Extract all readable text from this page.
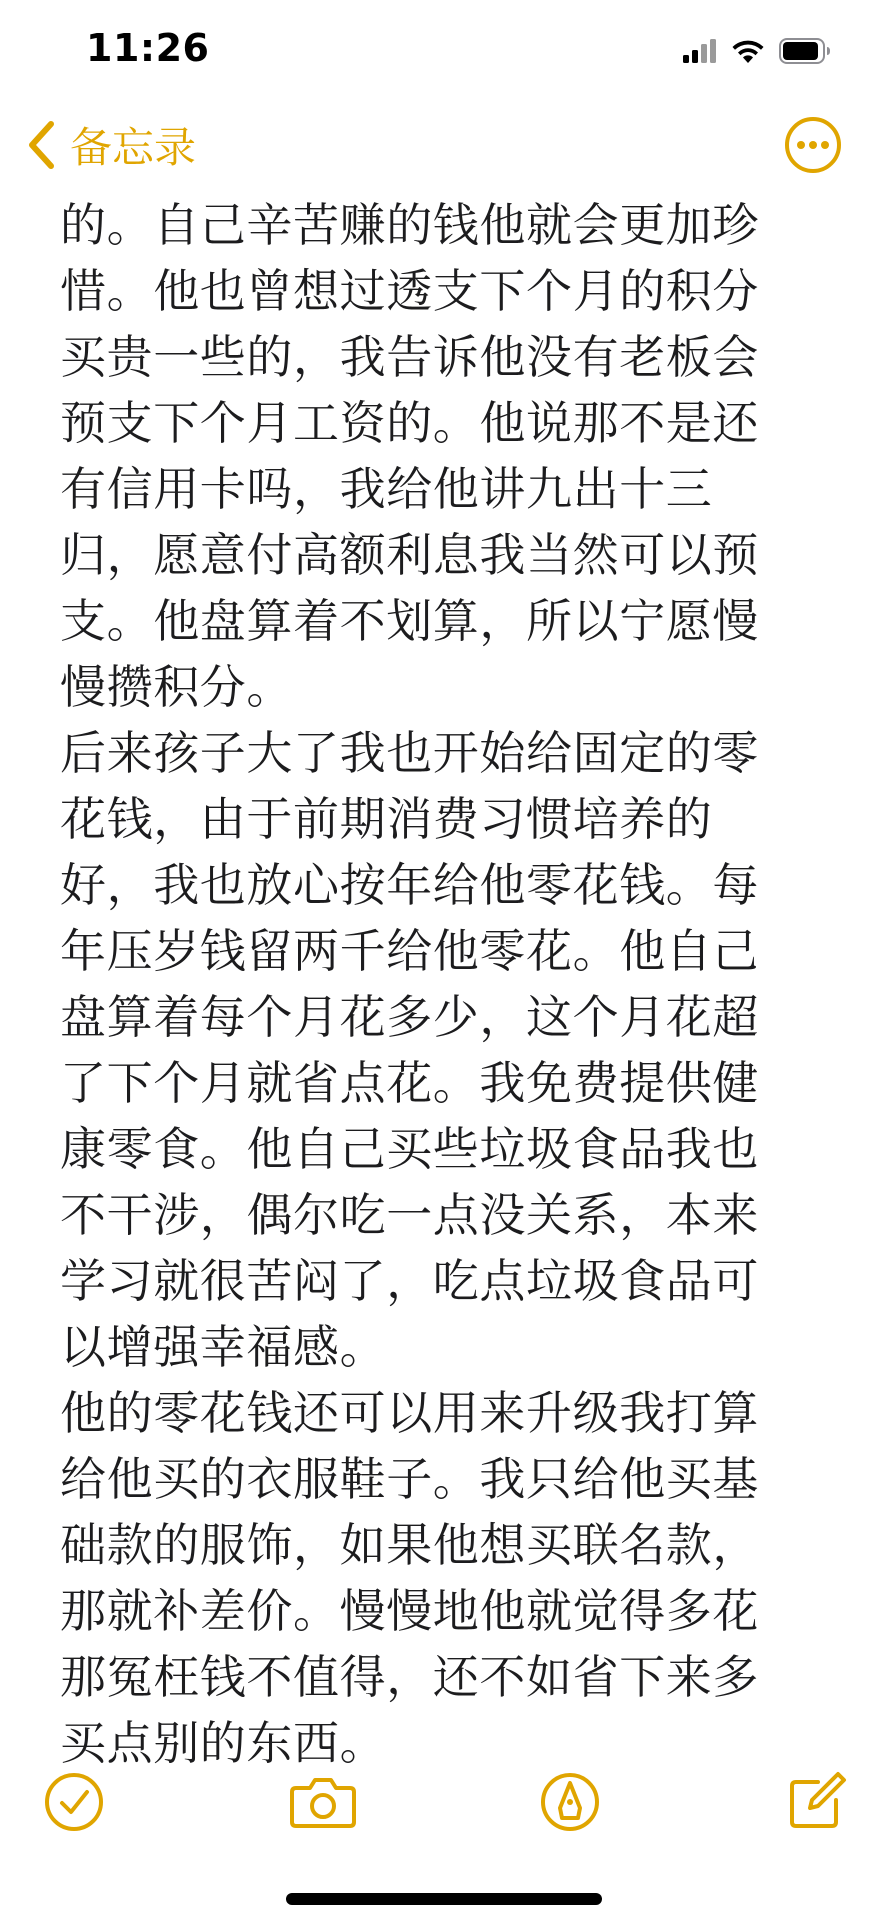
11:26
备忘录
的。自己辛苦赚的钱他就会更加珍
惜。他也曾想过透支下个月的积分
买贵一些的，我告诉他没有老板会
预支下个月工资的。他说那不是还
有信用卡吗，我给他讲九出十三
归，愿意付高额利息我当然可以预
支。他盘算着不划算，所以宁愿慢
慢攒积分。
后来孩子大了我也开始给固定的零
花钱，由于前期消费习惯培养的
好，我也放心按年给他零花钱。每
年压岁钱留两千给他零花。他自己
盘算着每个月花多少，这个月花超
了下个月就省点花。我免费提供健
康零食。他自己买些垃圾食品我也
不干涉，偶尔吃一点没关系，本来
学习就很苦闷了，吃点垃圾食品可
以增强幸福感。
他的零花钱还可以用来升级我打算
给他买的衣服鞋子。我只给他买基
础款的服饰，如果他想买联名款，
那就补差价。慢慢地他就觉得多花
那冤枉钱不值得，还不如省下来多
买点别的东西。
